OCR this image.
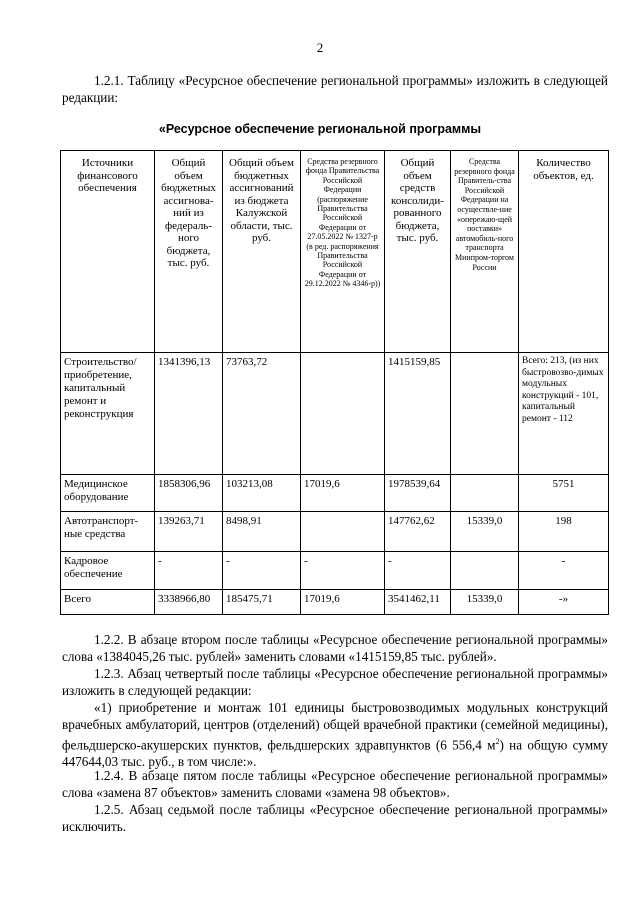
2
1.2.1. Таблицу «Ресурсное обеспечение региональной программы» изложить в следующей редакции:
«Ресурсное обеспечение региональной программы
Источники финансового обеспечения	Общий объем бюджетных ассигнова-ний из федераль-ного бюджета, тыс. руб.	Общий объем бюджетных ассигнований из бюджета Калужской области, тыс. руб.	Средства резервного фонда Правительства Российской Федерации (распоряжение Правительства Российской Федерации от 27.05.2022 № 1327-р (в ред. распоряжения Правительства Российской Федерации от 29.12.2022 № 4346-р))	Общий объем средств консолиди-рованного бюджета, тыс. руб.	Средства резервного фонда Правитель-ства Российской Федерации на осуществле-ние «опережаю-щей поставки» автомобиль-ного транспорта Минпром-торгом России	Количество объектов, ед.
Строительство/ приобретение, капитальный ремонт и реконструкция	1341396,13	73763,72		1415159,85		Всего: 213, (из них быстровозво-димых модульных конструкций - 101, капитальный ремонт - 112
Медицинское оборудование	1858306,96	103213,08	17019,6	1978539,64		5751
Автотранспорт-ные средства	139263,71	8498,91		147762,62	15339,0	198
Кадровое обеспечение	-	-	-	-		-
Всего	3338966,80	185475,71	17019,6	3541462,11	15339,0	-»
1.2.2. В абзаце втором после таблицы «Ресурсное обеспечение региональной программы» слова «1384045,26 тыс. рублей» заменить словами «1415159,85 тыс. рублей».
1.2.3. Абзац четвертый после таблицы «Ресурсное обеспечение региональной программы» изложить в следующей редакции:
«1) приобретение и монтаж 101 единицы быстровозводимых модульных конструкций врачебных амбулаторий, центров (отделений) общей врачебной практики (семейной медицины), фельдшерско-акушерских пунктов, фельдшерских здравпунктов (6 556,4 $м^2$) на общую сумму 447644,03 тыс. руб., в том числе:».
1.2.4. В абзаце пятом после таблицы «Ресурсное обеспечение региональной программы» слова «замена 87 объектов» заменить словами «замена 98 объектов».
1.2.5. Абзац седьмой после таблицы «Ресурсное обеспечение региональной программы» исключить.
